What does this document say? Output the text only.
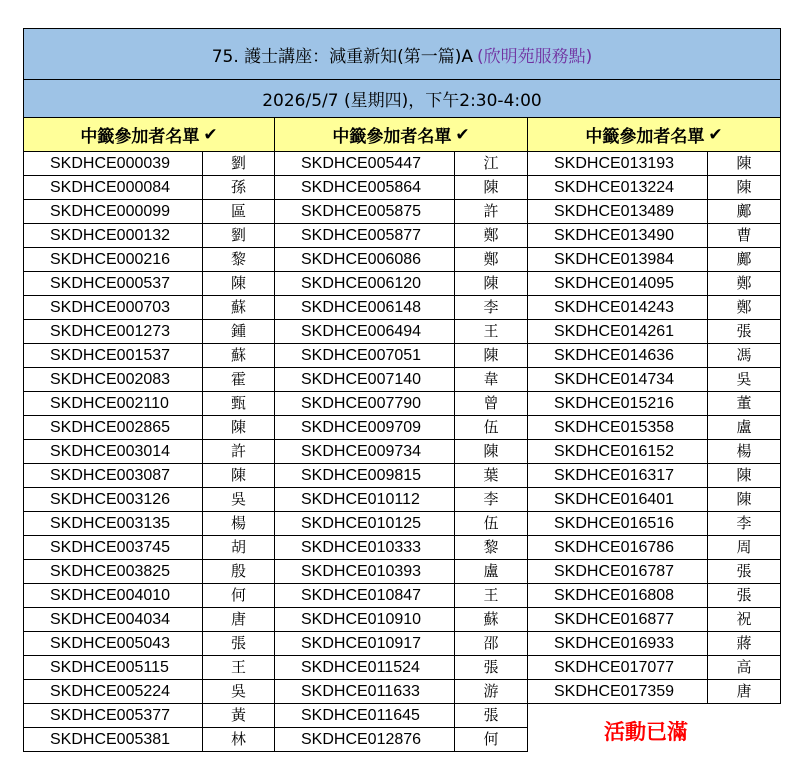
75. 護士講座：減重新知(第一篇)A (欣明苑服務點)
2026/5/7 (星期四)，下午2:30-4:00
中籤參加者名單 ✔
SKDHCE000039	劉
SKDHCE000084	孫
SKDHCE000099	區
SKDHCE000132	劉
SKDHCE000216	黎
SKDHCE000537	陳
SKDHCE000703	蘇
SKDHCE001273	鍾
SKDHCE001537	蘇
SKDHCE002083	霍
SKDHCE002110	甄
SKDHCE002865	陳
SKDHCE003014	許
SKDHCE003087	陳
SKDHCE003126	吳
SKDHCE003135	楊
SKDHCE003745	胡
SKDHCE003825	殷
SKDHCE004010	何
SKDHCE004034	唐
SKDHCE005043	張
SKDHCE005115	王
SKDHCE005224	吳
SKDHCE005377	黃
SKDHCE005381	林
中籤參加者名單 ✔
SKDHCE005447	江
SKDHCE005864	陳
SKDHCE005875	許
SKDHCE005877	鄭
SKDHCE006086	鄭
SKDHCE006120	陳
SKDHCE006148	李
SKDHCE006494	王
SKDHCE007051	陳
SKDHCE007140	韋
SKDHCE007790	曾
SKDHCE009709	伍
SKDHCE009734	陳
SKDHCE009815	葉
SKDHCE010112	李
SKDHCE010125	伍
SKDHCE010333	黎
SKDHCE010393	盧
SKDHCE010847	王
SKDHCE010910	蘇
SKDHCE010917	邵
SKDHCE011524	張
SKDHCE011633	游
SKDHCE011645	張
SKDHCE012876	何
中籤參加者名單 ✔
SKDHCE013193	陳
SKDHCE013224	陳
SKDHCE013489	鄺
SKDHCE013490	曹
SKDHCE013984	鄺
SKDHCE014095	鄭
SKDHCE014243	鄭
SKDHCE014261	張
SKDHCE014636	馮
SKDHCE014734	吳
SKDHCE015216	董
SKDHCE015358	盧
SKDHCE016152	楊
SKDHCE016317	陳
SKDHCE016401	陳
SKDHCE016516	李
SKDHCE016786	周
SKDHCE016787	張
SKDHCE016808	張
SKDHCE016877	祝
SKDHCE016933	蔣
SKDHCE017077	高
SKDHCE017359	唐
活動已滿
